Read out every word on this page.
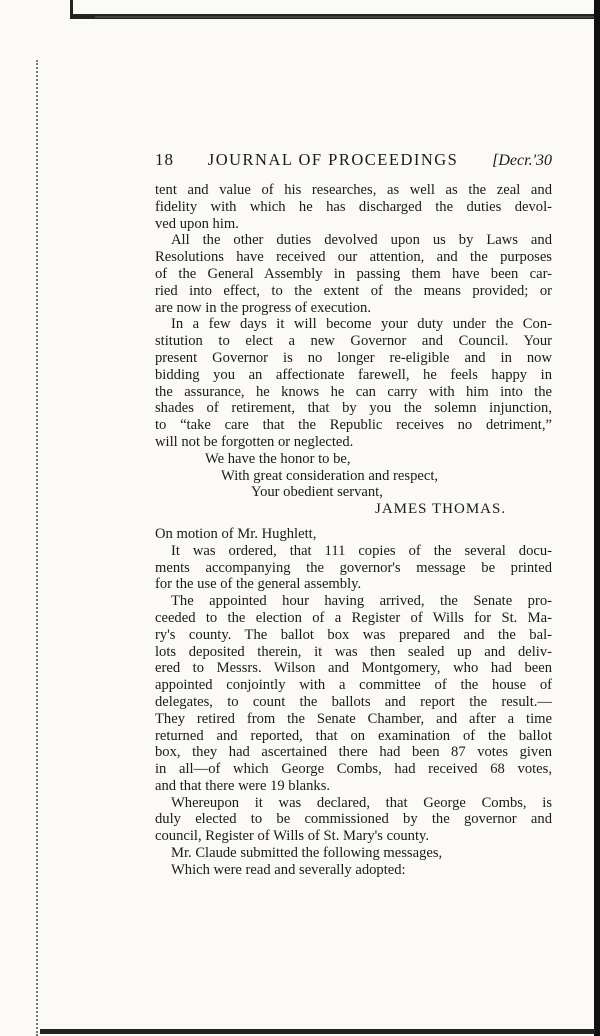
18 JOURNAL OF PROCEEDINGS [Decr.'30
tent and value of his researches, as well as the zeal and
fidelity with which he has discharged the duties devol-
ved upon him.
All the other duties devolved upon us by Laws and
Resolutions have received our attention, and the purposes
of the General Assembly in passing them have been car-
ried into effect, to the extent of the means provided; or
are now in the progress of execution.
In a few days it will become your duty under the Con-
stitution to elect a new Governor and Council. Your
present Governor is no longer re-eligible and in now
bidding you an affectionate farewell, he feels happy in
the assurance, he knows he can carry with him into the
shades of retirement, that by you the solemn injunction,
to “take care that the Republic receives no detriment,”
will not be forgotten or neglected.
We have the honor to be,
With great consideration and respect,
Your obedient servant,
JAMES THOMAS.
On motion of Mr. Hughlett,
It was ordered, that 111 copies of the several docu-
ments accompanying the governor's message be printed
for the use of the general assembly.
The appointed hour having arrived, the Senate pro-
ceeded to the election of a Register of Wills for St. Ma-
ry's county. The ballot box was prepared and the bal-
lots deposited therein, it was then sealed up and deliv-
ered to Messrs. Wilson and Montgomery, who had been
appointed conjointly with a committee of the house of
delegates, to count the ballots and report the result.—
They retired from the Senate Chamber, and after a time
returned and reported, that on examination of the ballot
box, they had ascertained there had been 87 votes given
in all—of which George Combs, had received 68 votes,
and that there were 19 blanks.
Whereupon it was declared, that George Combs, is
duly elected to be commissioned by the governor and
council, Register of Wills of St. Mary's county.
Mr. Claude submitted the following messages,
Which were read and severally adopted:
